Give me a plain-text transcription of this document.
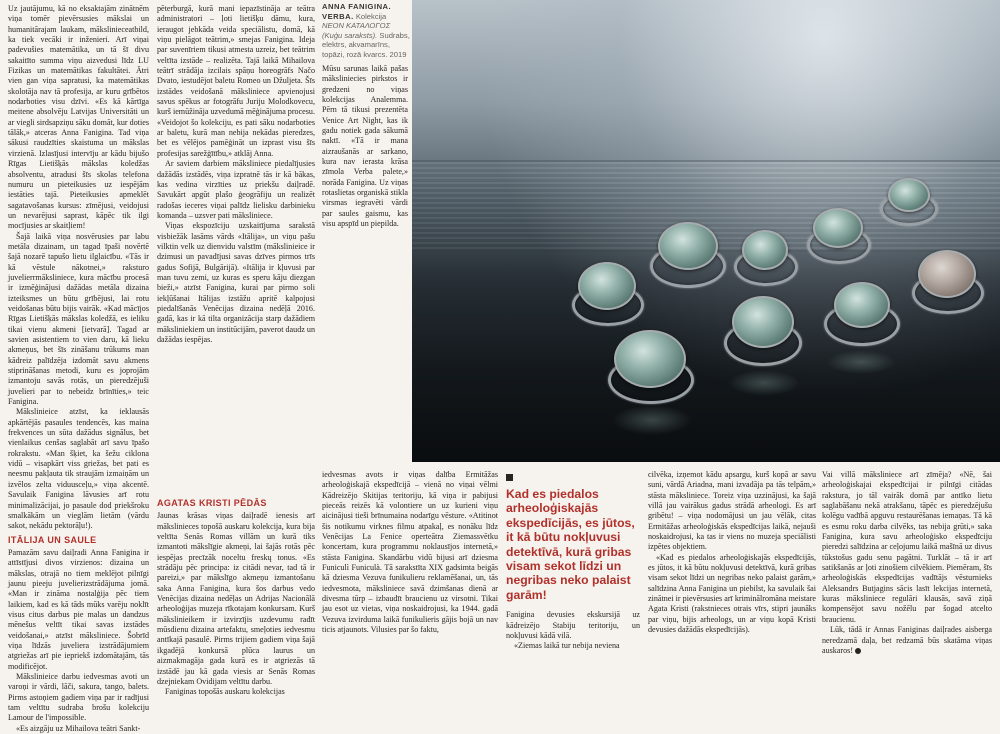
Uz jautājumu, kā no eksaktajām zinātnēm viņa tomēr pievērsusies mākslai un humanitārajam laukam, mākslinieceatbild, ka tiek vecāki ir inženieri. Arī viņai padevušies matemātika, un tā šī divu sakaitīto summa viņu aizvedusi līdz LU Fizikas un matemātikas fakultātei. Ātri vien gan viņa sapratusi, ka matemātikas skolotāja nav tā profesija, ar kuru grībētos nodarboties visu dzīvi. «Es kā kārtīga meitene absolvēju Latvijas Universitāti un ar viegli sirdsapziņu sāku domāt, kur doties tālāk,» atceras Anna Fanigina. Tad viņa sākusi raudzīties skaistuma un mākslas virzienā. Izlasījusi intervīju ar kādu bijušo Rīgas Lietišķās mākslas koledžas absolventu, atradusi šīs skolas telefona numuru un pieteikusies uz iespējām iestāties tajā. Pieteikusies apmeklēt sagatavošanas kursus: zīmējusi, veidojusi un nevarējusi saprast, kāpēc tik ilgi mocījusies ar skaitļiem!

Šajā laikā viņa nosvērusies par labu metāla dizainam, un tagad īpaši novērtē šajā nozarē tapušo lietu ilglaicību. «Tās ir kā vēstule nākotnei,» raksturo juvelierrmāksliniece, kura mācību procesā ir izmēģinājusi dažādas metāla dizaina izteiksmes un būtu grībējusi, lai rotu veidošanas būtu bijis vairāk. «Kad mācījos Rīgas Lietišķās mākslas koledžā, es ieliku tikai vienu akmeni [ietvarā]. Tagad ar savien asistentiem to vien daru, kā lieku akmeņus, bet šīs zināšanu trūkums man kādreiz palīdzēja izdomāt savu akmens stiprināšanas metodi, kuru es joprojām izmantoju savās rotās, un pieredzējuši juvelieri par to nebeidz brīnīties,» teic Fanigina.

Mākslinieice atzīst, ka ieklausās apkārtējās pasaules tendencēs, kas maina frekvences un sūta dažādus signālus, bet vienlaikus cenšas saglabāt arī savu īpašo rokrakstu. «Man šķiet, ka šežu ciklona vidū – visapkārt viss griežas, bet pati es neesmu pakļauta tik straujām izmaiņām un izvēlos zelta viduusceļu,» viņa akcentē. Savulaik Fanigina lāvusies arī rotu minimalizācijai, jo pasaule dod priekšroku smalkākām un vieglām lietām (vārdu sakot, nekādu pektorāļu!).

ITĀLIJA UN SAULE

Pamazām savu daiļradi Anna Fanigina ir attīstījusi divos virzienos: dizaina un mākslas, otrajā no tiem meklējot pilnīgi jaunu pieeju juvelierizstrādājuma jomā. «Man ir zināma nostalģija pēc tiem laikiem, kad es kā tāds mūks varēju noklīt visus citus darbus pie malas un dandzus mēnešus veltīt tikai savas izstādes veidošanai,» atzīst māksliniece. Šobrīd viņa līdzās juveliera izstrādājumiem atgriežas arī pie iepriekš izdomātajām, tās modificējot.

Mākslinieice darbu iedvesmas avoti un varoņi ir vārdi, lāči, sakura, tango, balets. Pirms astoņiem gadiem viņa par ir radījusi tam veltītu sudraba brošu kolekciju Lamour de l'impossible.

«Es aizgāju uz Mihailova teātri Sankt-

pēterburgā, kurā mani iepazīstināja ar teātra administratori – ļoti lietišķu dāmu, kura, ieraugot jebkāda veida speciālistu, domā, kā viņu pielāgot teātrim,» smejas Fanigina. Ideja par suvenīriem tikusi atmesta uzreiz, bet teātrim veltīta izstāde – realizēta. Tajā laikā Mihailova teātrī strādāja izcilais spāņu horeogrāfs Načo Dvato, iestudējot baletu Romeo un Džuljeta. Šīs izstādes veidošanā māksliniece apvienojusi savus spēkus ar fotogrāfu Juriju Molodkovecu, kurš iemūžināja uzvedumā mēģinājuma procesu. «Veidojot šo kolekciju, es pati sāku nodarboties ar baletu, kurā man nebija nekādas pieredzes, bet es vēlējos pamēģināt un izprast visu šīs profesijas sarežģītību,» atklāj Anna.

Ar saviem darbiem māksliniece piedalījusies dažādās izstādēs, viņa izpratnē tās ir kā bākas, kas vedina virzīties uz priekšu daiļradē. Savukārt apgūt plašo ģeogrāfiju un realizēt radošas ieceres viņai palīdz lielisku darbinieku komanda – uzsver pati māksliniece.

Viņas ekspozīciju uzskaitījuma sarakstā visbiežāk lasāms vārds «Itālija», un viņu pašu vilktin velk uz dienvidu valstīm (mākslinieice ir dzimusi un pavadījusi savas dzīves pirmos trīs gadus Sofijā, Bulgārijā). «Itālija ir kļuvusi par man tuvu zemi, uz kuras es speru kāju diezgan bieži,» atzīst Fanigina, kurai par pirmo soli iekļūšanai Itālijas izstāžu apritē kalpojusi piedalīšanās Venēcijas dizaina nedēļā 2016. gadā, kas ir kā tilta organizācija starp dažādiem māksliniekiem un institūcijām, paverot daudz un dažādas iespējas.

Mūsu sarunas laikā pašas māksliniecies pirkstos ir gredzeni no viņas kolekcijas Analemma. Pērn tā tikusi prezentēta Venice Art Night, kas ik gadu notiek gada sākumā naktī. «Tā ir mana aizraušanās ar sarkano, kura nav ierasta krāsa zīmola Verba palete,» norāda Fanigina. Uz viņas rotaslietas organiskā stikla virsmas iegravēti vārdi par saules gaismu, kas visu apspīd un piepilda.

AGATAS KRISTI PĒDĀS

Jaunas krāsas viņas daiļradē ienesis arī mākslinieces topošā auskaru kolekcija, kura bija veltīta Senās Romas villām un kurā tiks izmantoti mākslīgie akmeņi, lai šajās rotās pēc iespējas precīzāk noceltu freskų tonus. «Es strādāju pēc principa: iz citādi nevar, tad tā ir pareizi,» par mākslīgo akmeņu izmantošanu saka Anna Fanigina, kura šos darbus vedo Venēcijas dizaina nedēļas un Adrijas Nacionālā arheoloģijas muzeja rīkotajam konkursam. Kurš mākslinieikem ir izvirzījis uzdevumu radīt mūsdienu dizaina artefaktu, smeļoties iedvesmu antīkajā pasaulē. Pirms trijiem gadiem viņa šajā ikgadējā konkursā plūca laurus un aizmakmagāja gada kurā es ir atgriezās tā izstādē jau kā gada viesis ar Senās Romas dzejniekam Ovidijam veltītu darbu.

Faniginas topošās auskaru kolekcijas

iedvesmas avots ir viņas dalība Ermitāžas arheoloģiskajā ekspedīcijā – vienā no viņai vēlmi Kādreizējo Skitijas teritoriju, kā viņa ir pabijusi pieceās reizēs kā volontiere un uz kurieni viņu aicinājusi tieši brīnumaina nodarīgu vēsture. «Atitinot šis notikumu virknes filmu atpakaļ, es nonāku līdz Venēcijas La Fenice operteātra Ziemassvētku koncertam, kura programmu noklausījos internetā,» stāsta Fanigina. Skandārbu vidū bijusi arī dziesma Funiculì Funiculà. Tā sarakstīta XIX gadsimta beigās kā dziesma Vezuva funikulieru reklamēšanai, un, tās iedvesmota, māksliniece savā dzimšanas dienā ar divesma tūrp – izbaudīt braucienu uz virsotni. Tikai jau esot uz vietas, viņa noskaidrojusi, ka 1944. gadā Vezuva izvirduma laikā funikulieris gājis bojā un nav ticis atjaunots. Vilusies par šo faktu,

ANNA FANIGINA. VERBA. Kolekcija NEON KATAΛΟΓΟΣ (Kuģu saraksts). Sudrabs, elektrs, akvamarīns, topāzi, rozā kvarcs. 2019

Kad es piedalos arheoloģiskajās ekspedīcijās, es jūtos, it kā būtu nokļuvusi detektīvā, kurā gribas visam sekot līdzi un negribas neko palaist garām!

Fanigina devusies ekskursijā uz kādreizējo Stabiju teritoriju, un nokļuvusi kādā vilā.

«Ziemas laikā tur nebija neviena

cilvēka, izņemot kādu apsargu, kurš kopā ar savu suni, vārdā Ariadna, mani izvadāja pa tās telpām,» stāsta māksliniece. Toreiz viņa uzzinājusi, ka šajā villā jau vairākus gadus strādā arheologi. Es arī gribētu! – viņa nodomājusi un jau vēlāk, citas Ermitāžas arheoloģiskās ekspedīcijas laikā, nejauši noskaidrojusi, ka tas ir viens no muzeja speciālisti izpētes objektiem.

«Kad es piedalos arheoloģiskajās ekspedīcijās, es jūtos, it kā būtu nokļuvusi detektīvā, kurā gribas visam sekot līdzi un negribas neko palaist garām,» salīdzina Anna Fanigina un piebilst, ka savulaik šai zinātnei ir pievērsusies arī kriminālromāna meistare Agata Kristi (rakstnieces otrais vīrs, stipri jaunāks par viņu, bijis arheologs, un ar viņu kopā Kristi devusies dažādās ekspedīcijās).

Vai villā māksliniece arī zīmēja? «Nē, šai arheoloģiskajai ekspedīcijai ir pilnīgi citādas rakstura, jo tāl vairāk domā par antīko lietu saglabāšanu nekā atrakšanu, tāpēc es pieredzējušu kolēgu vadībā apguvu restaurēšanas iemaņas. Tā kā es esmu roku darba cilvēks, tas nebija grūti,» saka Fanigina, kura savu arheoloģisko ekspedīciju pieredzi salīdzina ar ceļojumu laikā mašīnā uz divus tūkstošus gadu senu pagātni. Turklāt – tā ir arī satikšanās ar ļoti zinošiem cilvēkiem. Piemēram, šīs arheoloģiskās ekspedīcijas vadītājs vēsturnieks Aleksandrs Butjagins sācis lasīt lekcijas internetā, kuras māksliniece regulāri klausās, savā ziņā kompensējot savu nožēlu par šogad atcelto braucienu.

Lūk, tādā ir Annas Faniginas daiļrades aisberga neredzamā daļa, bet redzamā būs skatāma viņas auskaros!
